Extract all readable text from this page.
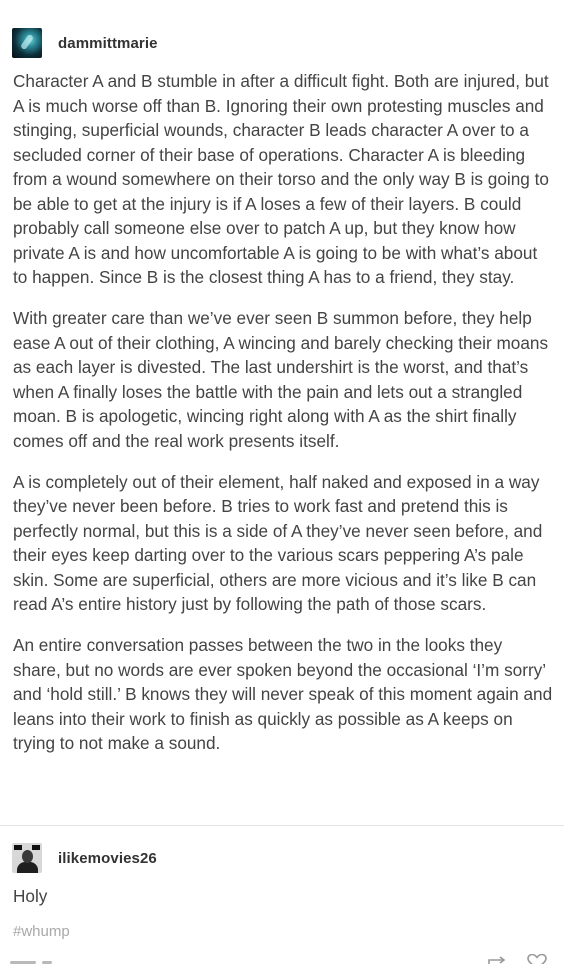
dammittmarie

Character A and B stumble in after a difficult fight. Both are injured, but A is much worse off than B. Ignoring their own protesting muscles and stinging, superficial wounds, character B leads character A over to a secluded corner of their base of operations. Character A is bleeding from a wound somewhere on their torso and the only way B is going to be able to get at the injury is if A loses a few of their layers. B could probably call someone else over to patch A up, but they know how private A is and how uncomfortable A is going to be with what’s about to happen. Since B is the closest thing A has to a friend, they stay.

With greater care than we’ve ever seen B summon before, they help ease A out of their clothing, A wincing and barely checking their moans as each layer is divested. The last undershirt is the worst, and that’s when A finally loses the battle with the pain and lets out a strangled moan. B is apologetic, wincing right along with A as the shirt finally comes off and the real work presents itself.

A is completely out of their element, half naked and exposed in a way they’ve never been before. B tries to work fast and pretend this is perfectly normal, but this is a side of A they’ve never seen before, and their eyes keep darting over to the various scars peppering A’s pale skin. Some are superficial, others are more vicious and it’s like B can read A’s entire history just by following the path of those scars.

An entire conversation passes between the two in the looks they share, but no words are ever spoken beyond the occasional ‘I’m sorry’ and ‘hold still.’ B knows they will never speak of this moment again and leans into their work to finish as quickly as possible as A keeps on trying to not make a sound.

ilikemovies26
Holy
#whump
